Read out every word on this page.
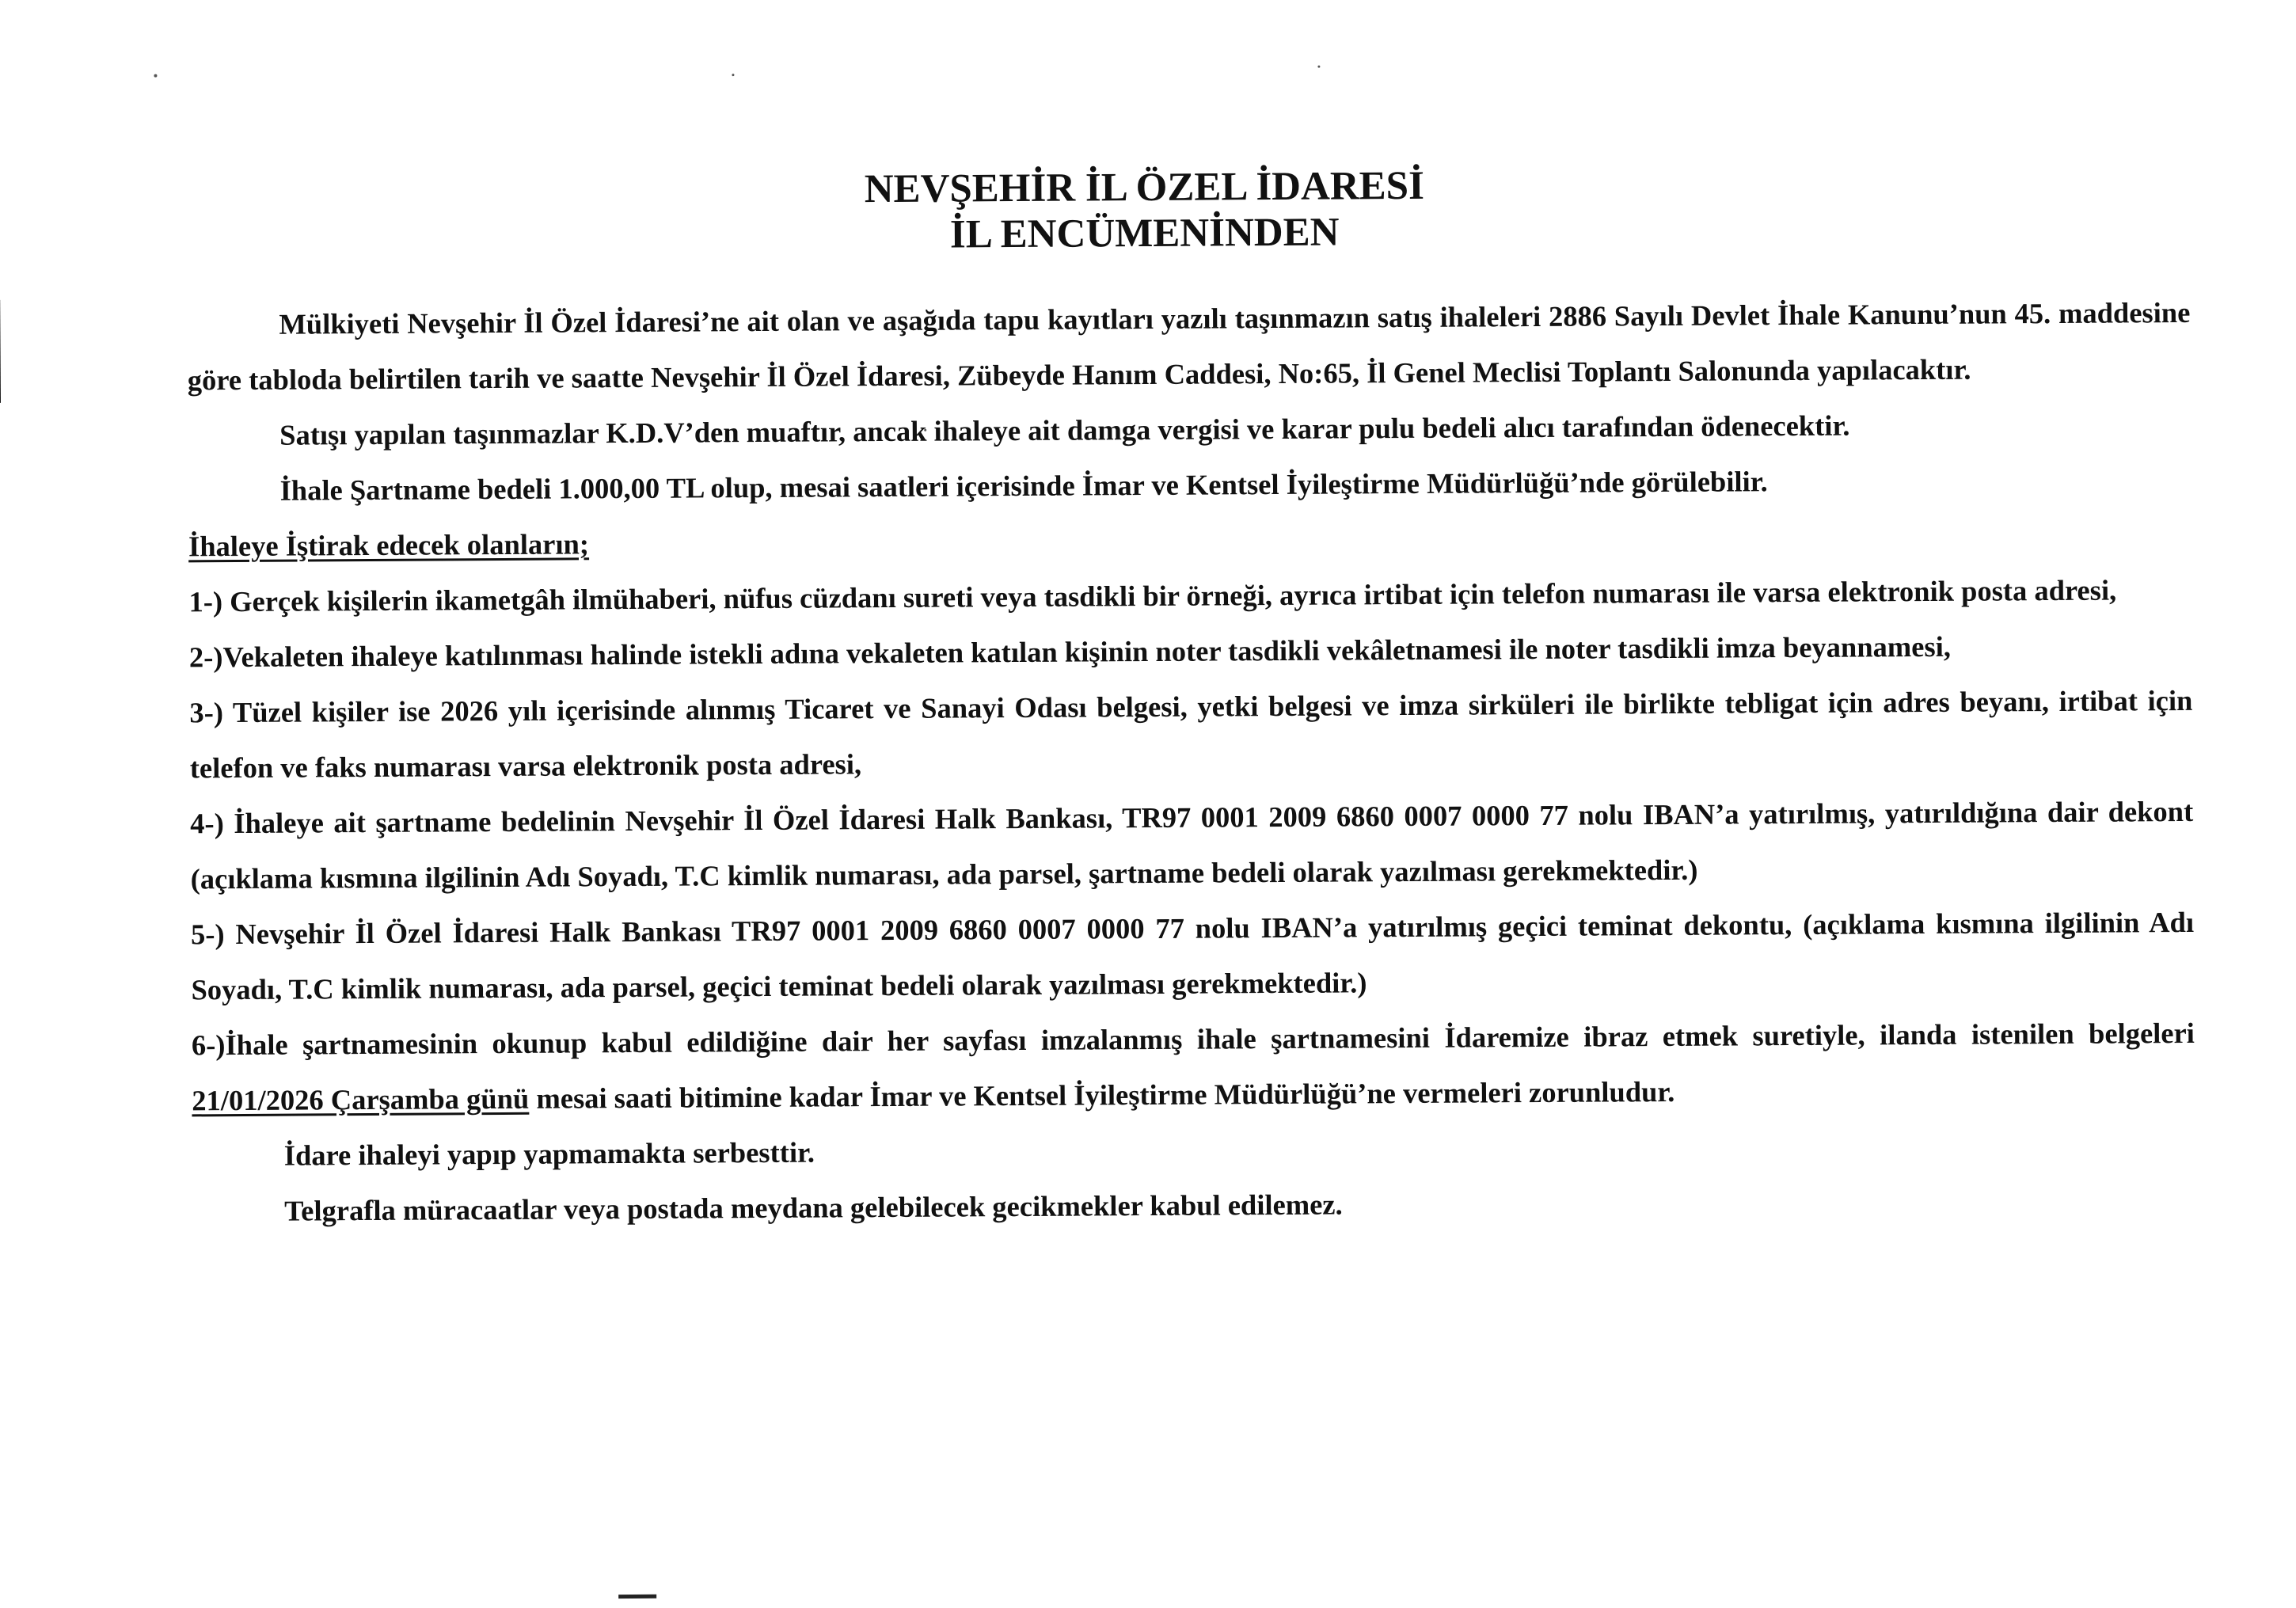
NEVŞEHİR İL ÖZEL İDARESİ
İL ENCÜMENİNDEN

Mülkiyeti Nevşehir İl Özel İdaresi’ne ait olan ve aşağıda tapu kayıtları yazılı taşınmazın satış ihaleleri 2886 Sayılı Devlet İhale Kanunu’nun 45. maddesine göre tabloda belirtilen tarih ve saatte Nevşehir İl Özel İdaresi, Zübeyde Hanım Caddesi, No:65, İl Genel Meclisi Toplantı Salonunda yapılacaktır.

Satışı yapılan taşınmazlar K.D.V’den muaftır, ancak ihaleye ait damga vergisi ve karar pulu bedeli alıcı tarafından ödenecektir.

İhale Şartname bedeli 1.000,00 TL olup, mesai saatleri içerisinde İmar ve Kentsel İyileştirme Müdürlüğü’nde görülebilir.

İhaleye İştirak edecek olanların;

1-) Gerçek kişilerin ikametgâh ilmühaberi, nüfus cüzdanı sureti veya tasdikli bir örneği, ayrıca irtibat için telefon numarası ile varsa elektronik posta adresi,

2-)Vekaleten ihaleye katılınması halinde istekli adına vekaleten katılan kişinin noter tasdikli vekâletnamesi ile noter tasdikli imza beyannamesi,

3-) Tüzel kişiler ise 2026 yılı içerisinde alınmış Ticaret ve Sanayi Odası belgesi, yetki belgesi ve imza sirküleri ile birlikte tebligat için adres beyanı, irtibat için telefon ve faks numarası varsa elektronik posta adresi,

4-) İhaleye ait şartname bedelinin Nevşehir İl Özel İdaresi Halk Bankası, TR97 0001 2009 6860 0007 0000 77 nolu IBAN’a yatırılmış, yatırıldığına dair dekont (açıklama kısmına ilgilinin Adı Soyadı, T.C kimlik numarası, ada parsel, şartname bedeli olarak yazılması gerekmektedir.)

5-) Nevşehir İl Özel İdaresi Halk Bankası TR97 0001 2009 6860 0007 0000 77 nolu IBAN’a yatırılmış geçici teminat dekontu, (açıklama kısmına ilgilinin Adı Soyadı, T.C kimlik numarası, ada parsel, geçici teminat bedeli olarak yazılması gerekmektedir.)

6-)İhale şartnamesinin okunup kabul edildiğine dair her sayfası imzalanmış ihale şartnamesini İdaremize ibraz etmek suretiyle, ilanda istenilen belgeleri 21/01/2026 Çarşamba günü mesai saati bitimine kadar İmar ve Kentsel İyileştirme Müdürlüğü’ne vermeleri zorunludur.

İdare ihaleyi yapıp yapmamakta serbesttir.

Telgrafla müracaatlar veya postada meydana gelebilecek gecikmekler kabul edilemez.
